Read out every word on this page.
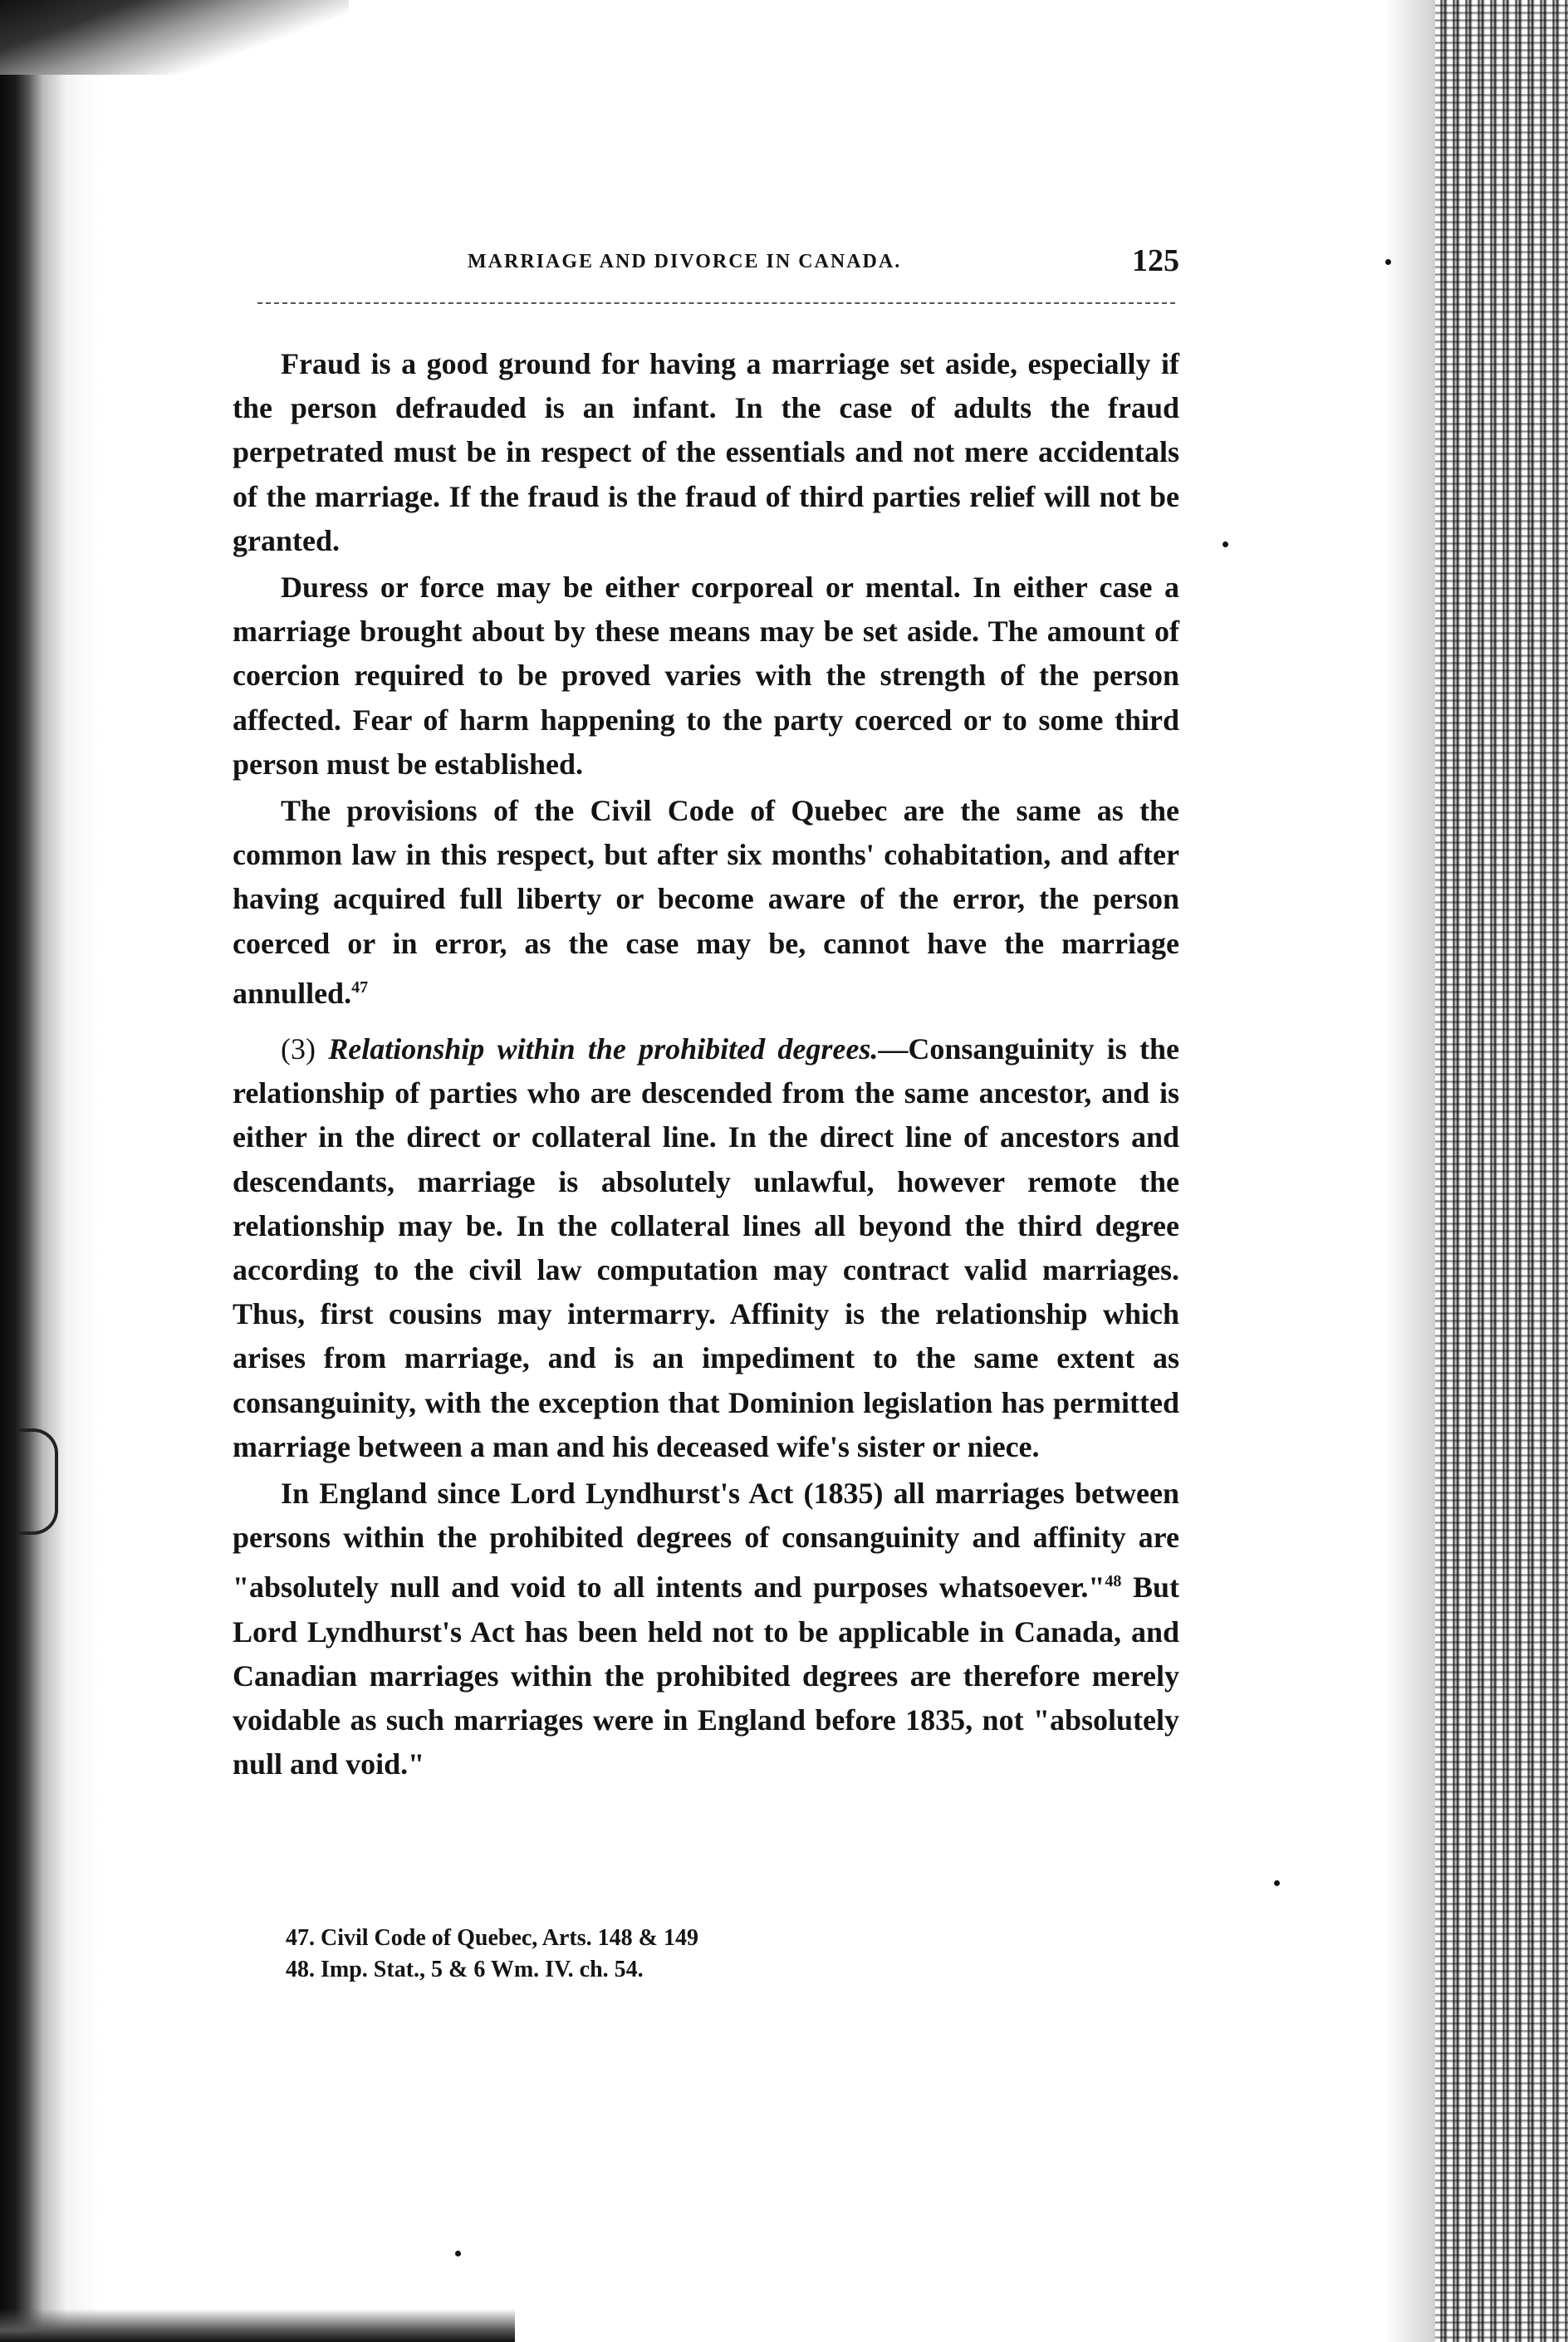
MARRIAGE AND DIVORCE IN CANADA.	125

Fraud is a good ground for having a marriage set aside, especially if the person defrauded is an infant. In the case of adults the fraud perpetrated must be in respect of the essentials and not mere accidentals of the marriage. If the fraud is the fraud of third parties relief will not be granted.

Duress or force may be either corporeal or mental. In either case a marriage brought about by these means may be set aside. The amount of coercion required to be proved varies with the strength of the person affected. Fear of harm happening to the party coerced or to some third person must be established.

The provisions of the Civil Code of Quebec are the same as the common law in this respect, but after six months' cohabitation, and after having acquired full liberty or become aware of the error, the person coerced or in error, as the case may be, cannot have the marriage annulled.$^{47}$

(3) Relationship within the prohibited degrees.—Consanguinity is the relationship of parties who are descended from the same ancestor, and is either in the direct or collateral line. In the direct line of ancestors and descendants, marriage is absolutely unlawful, however remote the relationship may be. In the collateral lines all beyond the third degree according to the civil law computation may contract valid marriages. Thus, first cousins may intermarry. Affinity is the relationship which arises from marriage, and is an impediment to the same extent as consanguinity, with the exception that Dominion legislation has permitted marriage between a man and his deceased wife's sister or niece.

In England since Lord Lyndhurst's Act (1835) all marriages between persons within the prohibited degrees of consanguinity and affinity are "absolutely null and void to all intents and purposes whatsoever."$^{48}$ But Lord Lyndhurst's Act has been held not to be applicable in Canada, and Canadian marriages within the prohibited degrees are therefore merely voidable as such marriages were in England before 1835, not "absolutely null and void."

47. Civil Code of Quebec, Arts. 148 & 149

48. Imp. Stat., 5 & 6 Wm. IV. ch. 54.
